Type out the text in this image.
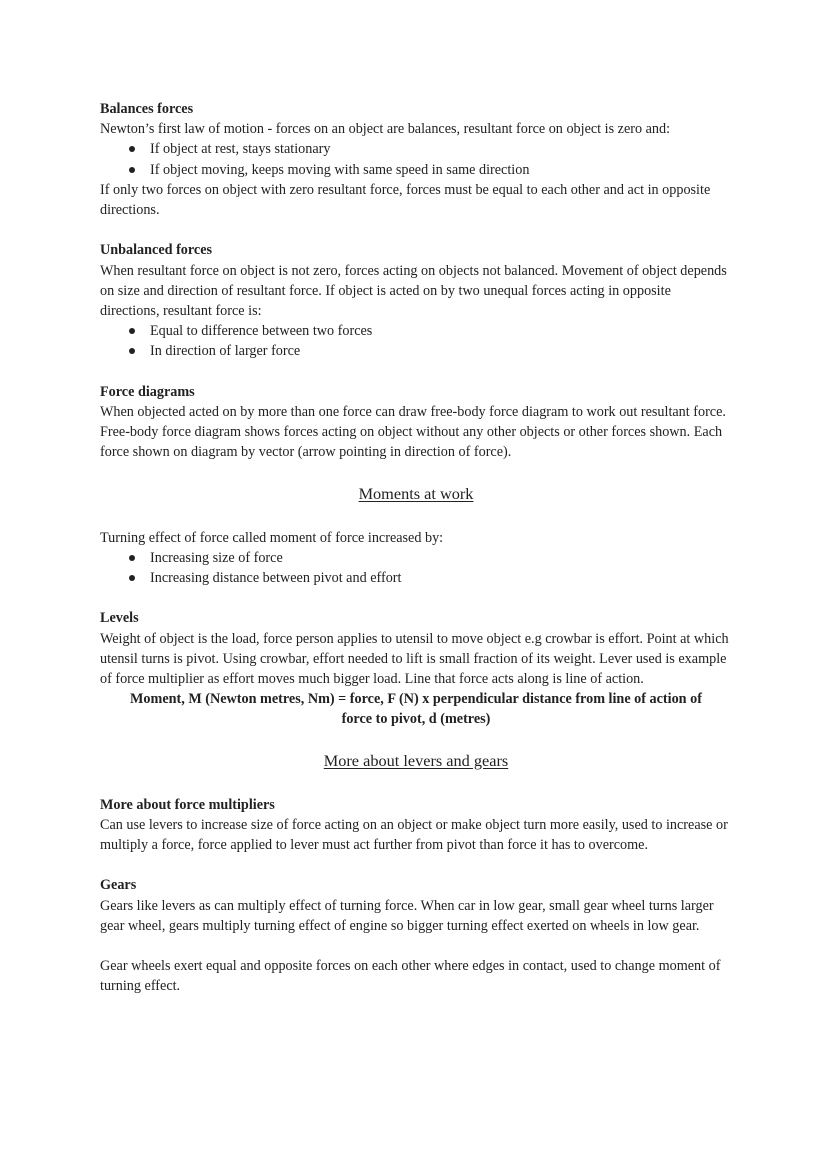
Balances forces

Newton’s first law of motion - forces on an object are balances, resultant force on object is zero and:

If object at rest, stays stationary
If object moving, keeps moving with same speed in same direction

If only two forces on object with zero resultant force, forces must be equal to each other and act in opposite directions.

Unbalanced forces

When resultant force on object is not zero, forces acting on objects not balanced. Movement of object depends on size and direction of resultant force. If object is acted on by two unequal forces acting in opposite directions, resultant force is:

Equal to difference between two forces
In direction of larger force

Force diagrams

When objected acted on by more than one force can draw free-body force diagram to work out resultant force. Free-body force diagram shows forces acting on object without any other objects or other forces shown. Each force shown on diagram by vector (arrow pointing in direction of force).

Moments at work

Turning effect of force called moment of force increased by:

Increasing size of force
Increasing distance between pivot and effort

Levels

Weight of object is the load, force person applies to utensil to move object e.g crowbar is effort. Point at which utensil turns is pivot. Using crowbar, effort needed to lift is small fraction of its weight. Lever used is example of force multiplier as effort moves much bigger load. Line that force acts along is line of action.

Moment, M (Newton metres, Nm) = force, F (N) x perpendicular distance from line of action of

force to pivot, d (metres)

More about levers and gears

More about force multipliers

Can use levers to increase size of force acting on an object or make object turn more easily, used to increase or multiply a force, force applied to lever must act further from pivot than force it has to overcome.

Gears

Gears like levers as can multiply effect of turning force. When car in low gear, small gear wheel turns larger gear wheel, gears multiply turning effect of engine so bigger turning effect exerted on wheels in low gear.

Gear wheels exert equal and opposite forces on each other where edges in contact, used to change moment of turning effect.
